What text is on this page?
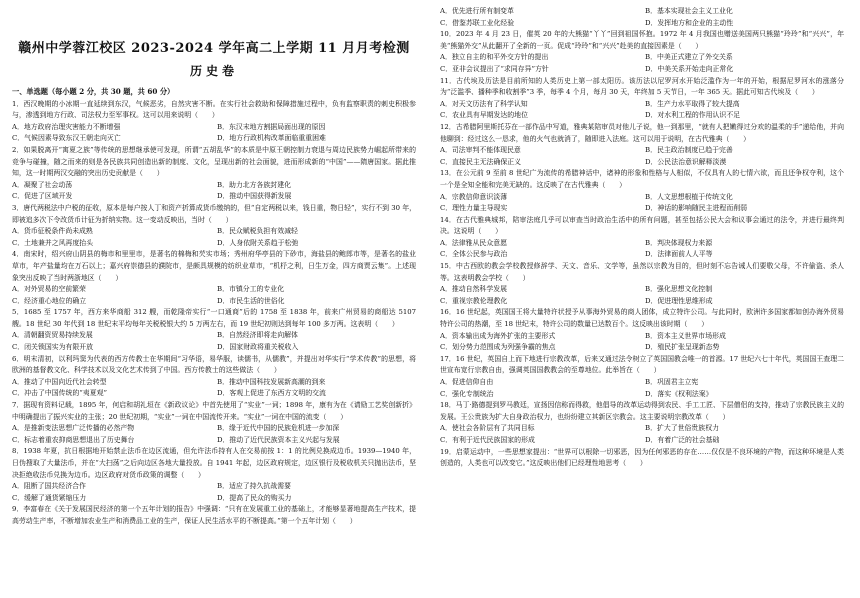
赣州中学蓉江校区 2023-2024 学年高二上学期 11 月月考检测
历史卷
一、单选题（每小题 2 分，共 30 题，共 60 分）

1．西汉晚期的小冰期一直延续到东汉，气候恶劣，自然灾害不断。在实行社会救助和保障措施过程中，负有监察职责的刺史积极参与，渗透到地方行政、司法权力至军事权。这可以用来说明（　　）

A．地方政府治理灾害能力不断增强	B．东汉末地方割据局面出现的原因
C．气候因素导致东汉王朝走向灭亡	D．地方行政机构改革面临重重困难

2．如果脱离开“寓夏之族”等传统的思想继承使可发现，所谓“五胡乱华”的本质是中原王朝控制力衰退与周边民族势力崛起所带来的竞争与碰撞，随之而来的则是各民族共同创造出新的制度、文化，呈现出新的社会面貌，进而形成新的“中国”——隋唐国家。据此推知，这一时期两汉交融的突出历史贡献是（　　）

A．凝聚了社会动荡	B．助力北方各族封建化
C．促进了区域开发	D．推动中国获得新发展

3．唐代两税法中户税的征收，原本是每户按人丁和资产折算成货币缴纳的，但“自定两税以来，钱日重，物日轻”，实行不到 30 年，即被追多次下令改货币计征为折纳实物。这一变动反映出，当时（　　）

A．货币征税条件尚未成熟	B．民众赋税负担有效减轻
C．土地兼并之风再度抬头	D．人身依附关系趋于松弛

4．南宋时，绍兴府山阴县的梅市和里里市，是著名的棉梅和芡实市场；秀州府华亭县的下砂市，海盐县的鲍郎市等，是著名的盐业草市，年产盐量均在万石以上；嘉兴府崇德县的濮院市，是颇具规模的纺织业草市，“机杼之利，日生万金，四方商贾云集”。上述现象突出反映了当时两浙地区（　　）

A．对外贸易的空前繁荣	B．市镇分工的专业化
C．经济重心地位的确立	D．市民生活的世俗化

5．1685 至 1757 年，西方来华商船 312 艘，而乾隆帝实行“一口通商”后的 1758 至 1838 年，前来广州贸易的商船达 5107 艘。18 世纪 30 年代到 18 世纪末平均每年关税税银大约 5 万两左右，而 19 世纪初则达到每年 100 多万两。这表明（　　）

A．清朝翻资贸易持续发展	B．自然经济即将走向解体
C．闭关锁国实为有限开放	D．国家财政将重关税收入

6．明末清初，以利玛窦为代表的西方传教士在华期间“习华语，易华服，读儒书，从儒教”，并提出对华实行“学术传教”的思想，将欧洲的基督教文化、科学技术以及文化艺术传到了中国。西方传教士的这些做法（　　）

A．推动了中国向近代社会转型	B．推动中国科技发展新高潮的到来
C．冲击了中国传统的“夷夏观”	D．客观上促进了东西方文明的交流

7．据现有资料记载，1895 年，何启和胡礼垣在《新政议论》中首先使用了“实业”一词；1898 年，康有为在《请励工艺奖创新折》中明确提出了振兴实业的主张；20 世纪初期，“实业”一词在中国流传开来。“实业”一词在中国的流变（　　）

A．是推新变法思想广泛传播的必然产物	B．缘于近代中国的民族危机进一步加深
C．标志着重农抑商思想退出了历史舞台	D．推动了近代民族资本主义兴起与发展

8．1938 年夏，抗日根据地开始禁止法币在边区流通，但允许法币持有人在交易前按 1：1 的比例兑换成边币。1939—1940 年，日伪搜取了大量法币，并在“大扫荡”之后向边区各地大量投放。自 1941 年起，边区政府规定，边区银行及税收机关只抛出法币，坚决拒绝收法币兑换为边币。边区政府对货币政策的调整（　　）

A．阻断了国共经济合作	B．适应了持久抗战需要
C．缓解了通货紧缩压力	D．提高了民众的购买力

9．李富春在《关于发展国民经济的第一个五年计划的报告》中强调：“只有在发展重工业的基础上，才能够显著地提高生产技术，提高劳动生产率，不断增加农业生产和消费品工业的生产，保证人民生活水平的不断提高。”第一个五年计划（　　）

A．优先进行所有制变革	B．基本实现社会主义工业化
C．借鉴苏联工业化经验	D．发挥地方和企业的主动性

10．2023 年 4 月 23 日，催英 20 年的大熊猫“丫丫”回到祖国怀抱。1972 年 4 月我国也赠送美国两只熊猫“玲玲”和“兴兴”，年美“熊猫外交”从此翻开了全新的一页。促成“玲玲”和“兴兴”赴美的直接因素是（　　）

A．独立自主的和平外交方针的提出	B．中美正式建立了外交关系
C．亚非会议提出了“求同存异”方针	D．中美关系开始走向正常化

11．古代埃及历法是目前所知的人类历史上第一部太阳历。该历法以尼罗河水开始泛滥作为一年的开始，根据尼罗河水的涨落分为“泛滥季、播种季和收割季”3 季，每季 4 个月，每月 30 天，年终加 5 天节日，一年 365 天。据此可知古代埃及（　　）

A．对天文历法有了科学认知	B．生产力水平取得了较大提高
C．农业具有早期发达的地位	D．对水利工程的作用认识不足

12．古希腊阿里斯托芬在一部作品中写道，雅典某陪审员对他儿子说，他一到那里，“就有人把嫩得过分欢的温柔的手”递给他，并向他聊到：经过这么一恳求，他的火气也就消了，随即进入法庭。这可以用于说明，在古代雅典（　　）

A．司法审判不能体现民意	B．民主政治制度已趋于完善
C．直接民主无法确保正义	D．公民法治意识解释淡漠

13．在公元前 9 至前 8 世纪广为流传的希腊神话中，诸神的形象和性格与人相似，不仅具有人的七情六欲，而且还争权夺利，这个一个是全知全能和完美无缺的。这反映了在古代雅典（　　）

A．宗教信仰意识淡薄	B．人文思想根植于传统文化
C．理性力量主导现实	D．神话的影响随民主进程而削弱

14．在古代雅典城邦，陪审法庭几乎可以审查当时政治生活中的所有问题，甚至包括公民大会和议事会通过的法令，并进行最终判决。这说明（　　）

A．法律雅从民众意愿	B．判决体现权力来源
C．全体公民参与政治	D．法律面前人人平等

15．中古西欧的教会学校教授修辞学、天文、音乐、文学等，虽然以宗教为目的，但时刻不忘告诫人们要敬父母，不许偷盗、杀人等。这表明教会学校（　　）

A．推动自然科学发展	B．强化思想文化控制
C．重视宗教伦理教化	D．促进理性思维形成

16．16 世纪起，英国国王将大量特许状授予从事海外贸易的商人团体，成立特许公司。与此同时，欧洲许多国家都如创办海外贸易特许公司的热潮，至 18 世纪末，特许公司的数量已达数百个。这反映出该时期（　　）

A．资本输出成为海外扩张的主要形式	B．资本主义世界市场形成
C．划分势力范围成为列强争霸的焦点	D．殖民扩张呈现新态势

17．16 世纪，英国自上而下地进行宗教改革，后来又通过法令树立了英国国教会唯一的首源。17 世纪六七十年代，英国国王查理二世宣布宽行宗教自由，强调英国国教教会的至尊地位。此举旨在（　　）

A．促进信仰自由	B．巩固君主立宪
C．强化专制统治	D．落实《权利法案》

18．马丁·路德提到罗马教廷，宣扬因信称而得救，他倡导的改革运动得到农民、手工工匠、下层僧侣的支持，推动了宗教民族主义的发展。王公贵族为扩大自身政治权力，也纷纷建立其新区宗教会。这主要说明宗教改革（　　）

A．使社会各阶层有了共同目标	B．扩大了世俗贵族权力
C．有利于近代民族国家的形成	D．有着广泛的社会基础

19．启蒙运动中，一些思想家提出：“世界可以根除一切邪恶，因为任何邪恶的存在……仅仅是不良环境的产物，而这种环境是人类创造的，人类也可以改变它。”这反映出他们已经理性地思考（　　）
